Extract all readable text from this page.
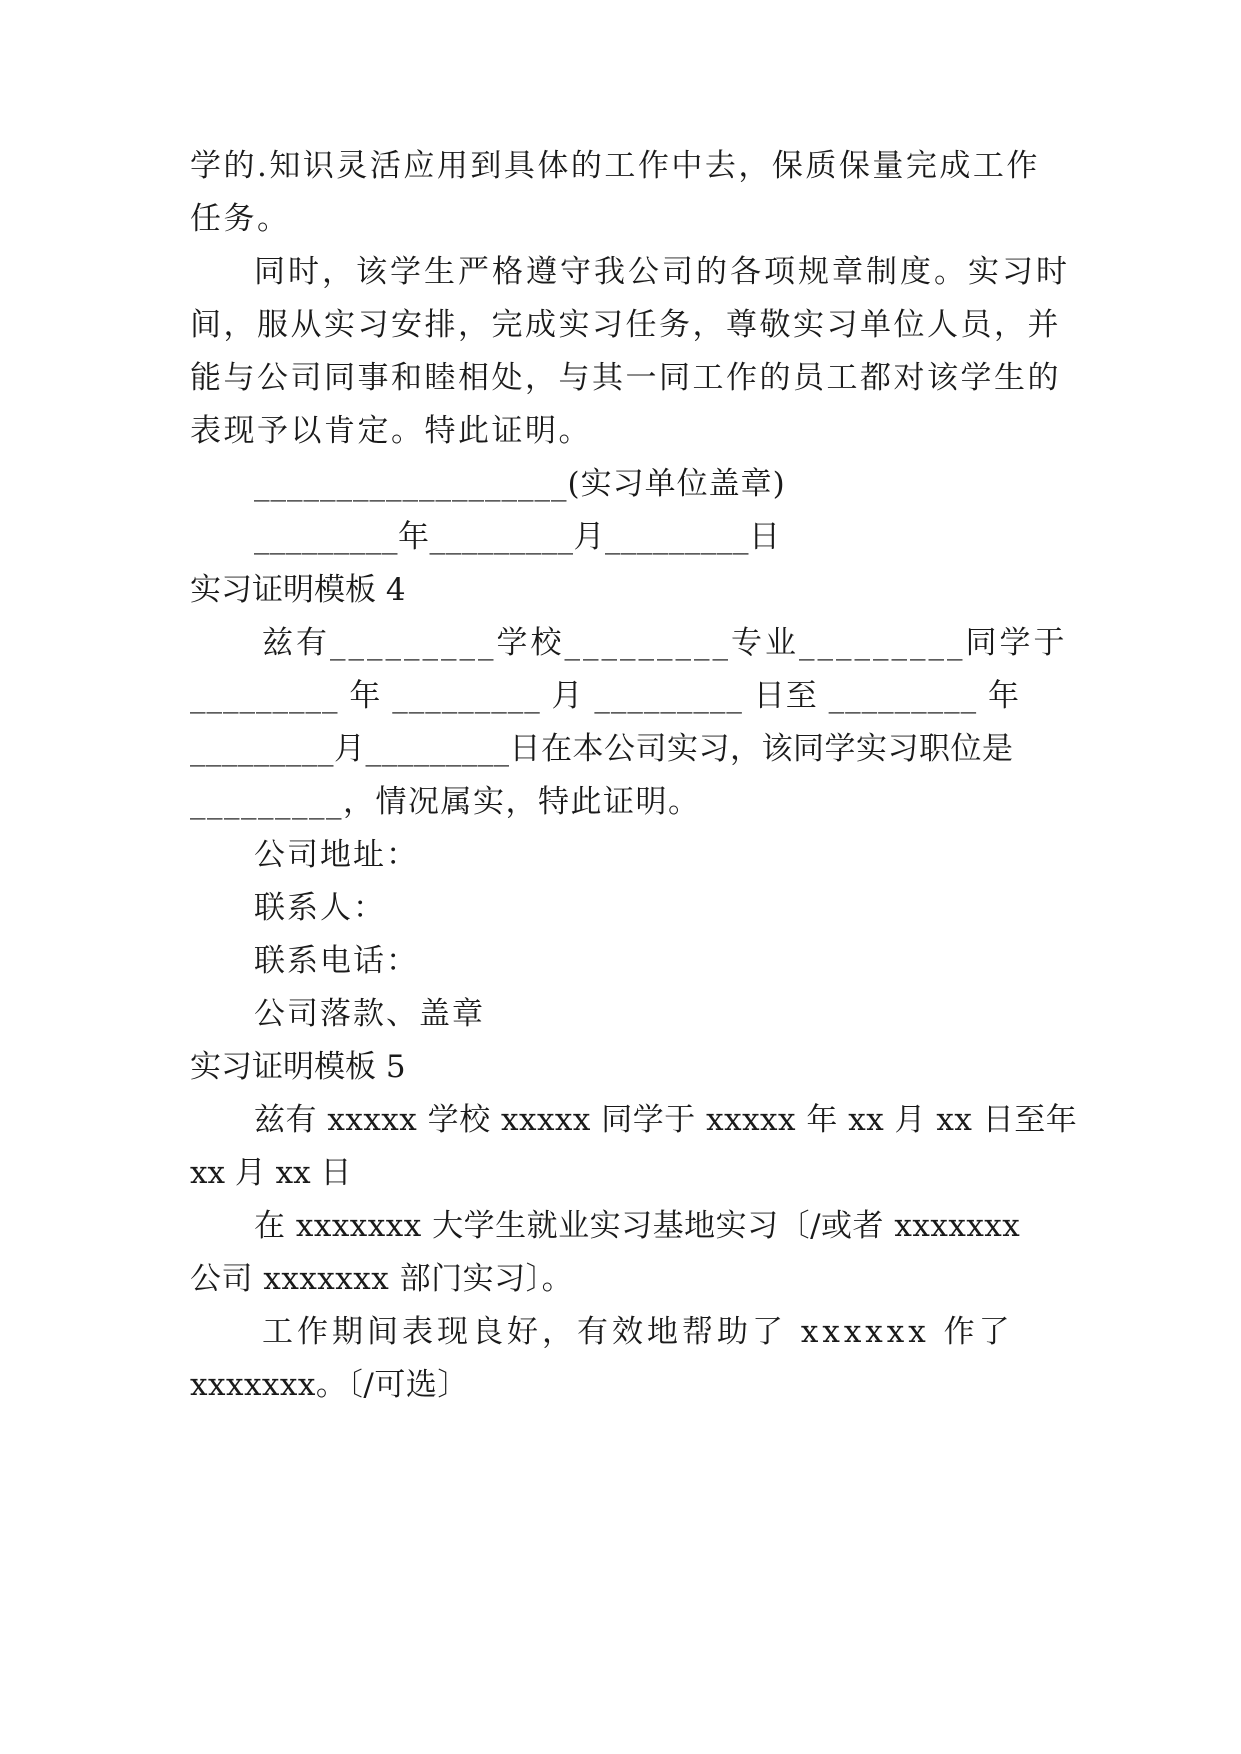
学的.知识灵活应用到具体的工作中去，保质保量完成工作
任务。
同时，该学生严格遵守我公司的各项规章制度。实习时
间，服从实习安排，完成实习任务，尊敬实习单位人员，并
能与公司同事和睦相处，与其一同工作的员工都对该学生的
表现予以肯定。特此证明。
___________________(实习单位盖章)
_________年_________月_________日
实习证明模板 4
兹有_________学校_________专业_________同学于
_________ 年 _________ 月 _________ 日至 _________ 年
_________月_________日在本公司实习，该同学实习职位是
_________，情况属实，特此证明。
公司地址：
联系人：
联系电话：
公司落款、盖章
实习证明模板 5
兹有 xxxxx 学校 xxxxx 同学于 xxxxx 年 xx 月 xx 日至年
xx 月 xx 日
在 xxxxxxx 大学生就业实习基地实习〔/或者 xxxxxxx
公司 xxxxxxx 部门实习〕。
工作期间表现良好，有效地帮助了 xxxxxx 作了
xxxxxxx。〔/可选〕
